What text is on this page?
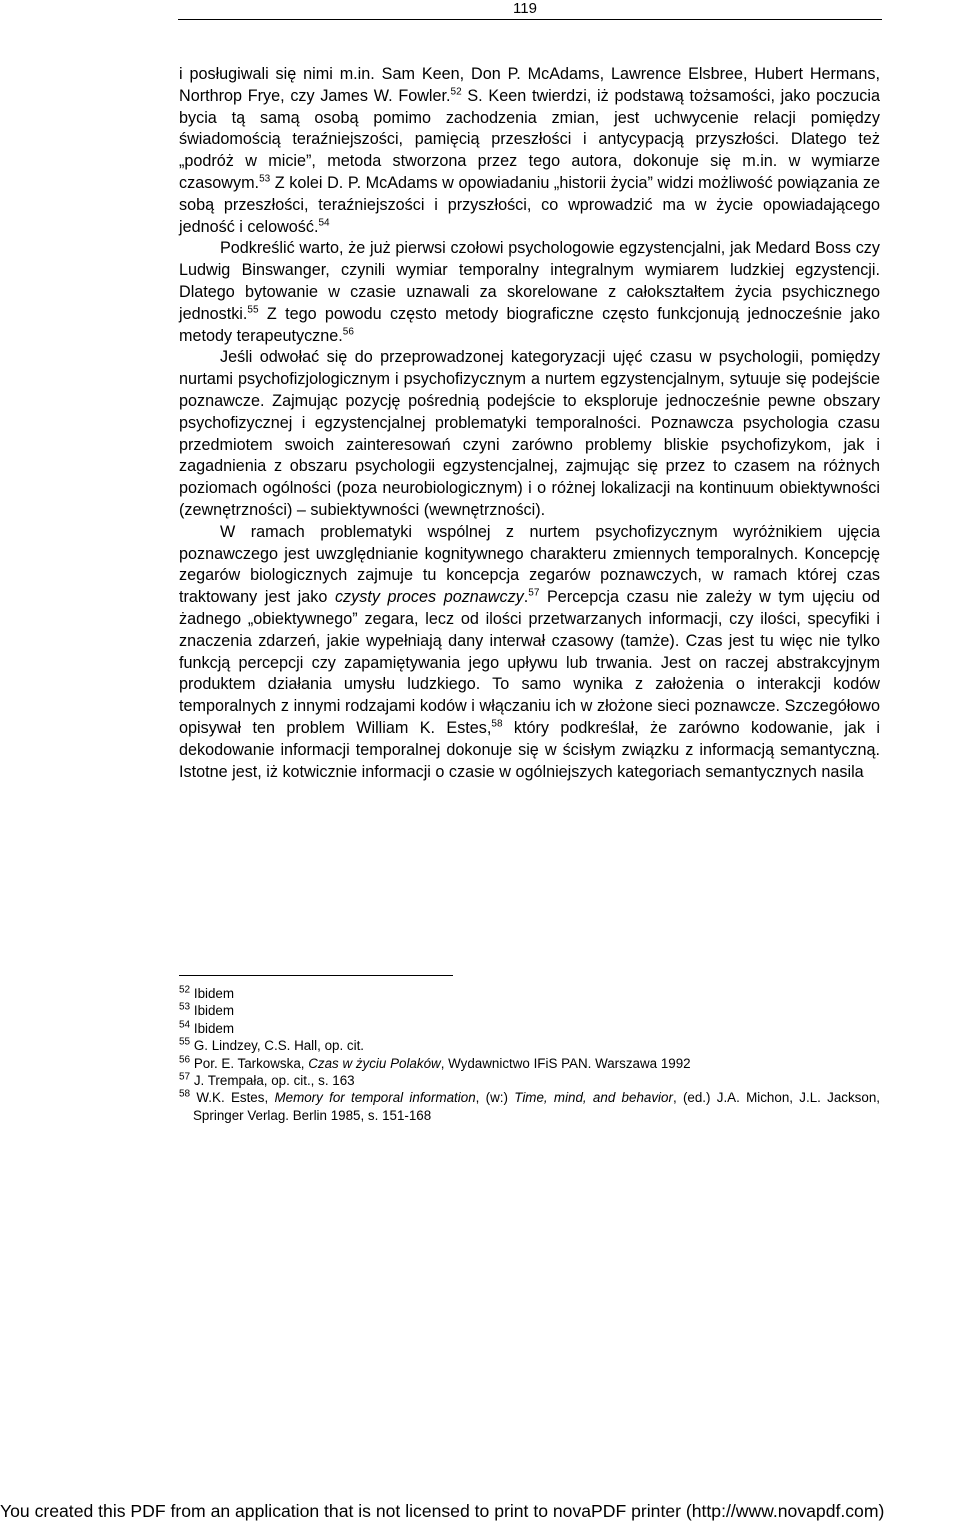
119

i posługiwali się nimi m.in. Sam Keen, Don P. McAdams, Lawrence Elsbree, Hubert Hermans, Northrop Frye, czy James W. Fowler.$^{52}$ S. Keen twierdzi, iż podstawą tożsamości, jako poczucia bycia tą samą osobą pomimo zachodzenia zmian, jest uchwycenie relacji pomiędzy świadomością teraźniejszości, pamięcią przeszłości i antycypacją przyszłości. Dlatego też „podróż w micie”, metoda stworzona przez tego autora, dokonuje się m.in. w wymiarze czasowym.$^{53}$ Z kolei D. P. McAdams w opowiadaniu „historii życia” widzi możliwość powiązania ze sobą przeszłości, teraźniejszości i przyszłości, co wprowadzić ma w życie opowiadającego jedność i celowość.$^{54}$

Podkreślić warto, że już pierwsi czołowi psychologowie egzystencjalni, jak Medard Boss czy Ludwig Binswanger, czynili wymiar temporalny integralnym wymiarem ludzkiej egzystencji. Dlatego bytowanie w czasie uznawali za skorelowane z całokształtem życia psychicznego jednostki.$^{55}$ Z tego powodu często metody biograficzne często funkcjonują jednocześnie jako metody terapeutyczne.$^{56}$

Jeśli odwołać się do przeprowadzonej kategoryzacji ujęć czasu w psychologii, pomiędzy nurtami psychofizjologicznym i psychofizycznym a nurtem egzystencjalnym, sytuuje się podejście poznawcze. Zajmując pozycję pośrednią podejście to eksploruje jednocześnie pewne obszary psychofizycznej i egzystencjalnej problematyki temporalności. Poznawcza psychologia czasu przedmiotem swoich zainteresowań czyni zarówno problemy bliskie psychofizykom, jak i zagadnienia z obszaru psychologii egzystencjalnej, zajmując się przez to czasem na różnych poziomach ogólności (poza neurobiologicznym) i o różnej lokalizacji na kontinuum obiektywności (zewnętrzności) – subiektywności (wewnętrzności).

W ramach problematyki wspólnej z nurtem psychofizycznym wyróżnikiem ujęcia poznawczego jest uwzględnianie kognitywnego charakteru zmiennych temporalnych. Koncepcję zegarów biologicznych zajmuje tu koncepcja zegarów poznawczych, w ramach której czas traktowany jest jako czysty proces poznawczy.$^{57}$ Percepcja czasu nie zależy w tym ujęciu od żadnego „obiektywnego” zegara, lecz od ilości przetwarzanych informacji, czy ilości, specyfiki i znaczenia zdarzeń, jakie wypełniają dany interwał czasowy (tamże). Czas jest tu więc nie tylko funkcją percepcji czy zapamiętywania jego upływu lub trwania. Jest on raczej abstrakcyjnym produktem działania umysłu ludzkiego. To samo wynika z założenia o interakcji kodów temporalnych z innymi rodzajami kodów i włączaniu ich w złożone sieci poznawcze. Szczegółowo opisywał ten problem William K. Estes,$^{58}$ który podkreślał, że zarówno kodowanie, jak i dekodowanie informacji temporalnej dokonuje się w ścisłym związku z informacją semantyczną. Istotne jest, iż kotwicznie informacji o czasie w ogólniejszych kategoriach semantycznych nasila

$^{52}$ Ibidem

$^{53}$ Ibidem

$^{54}$ Ibidem

$^{55}$ G. Lindzey, C.S. Hall, op. cit.

$^{56}$ Por. E. Tarkowska, Czas w życiu Polaków, Wydawnictwo IFiS PAN. Warszawa 1992

$^{57}$ J. Trempała, op. cit., s. 163

$^{58}$ W.K. Estes, Memory for temporal information, (w:) Time, mind, and behavior, (ed.) J.A. Michon, J.L. Jackson, Springer Verlag. Berlin 1985, s. 151-168

You created this PDF from an application that is not licensed to print to novaPDF printer (http://www.novapdf.com)
